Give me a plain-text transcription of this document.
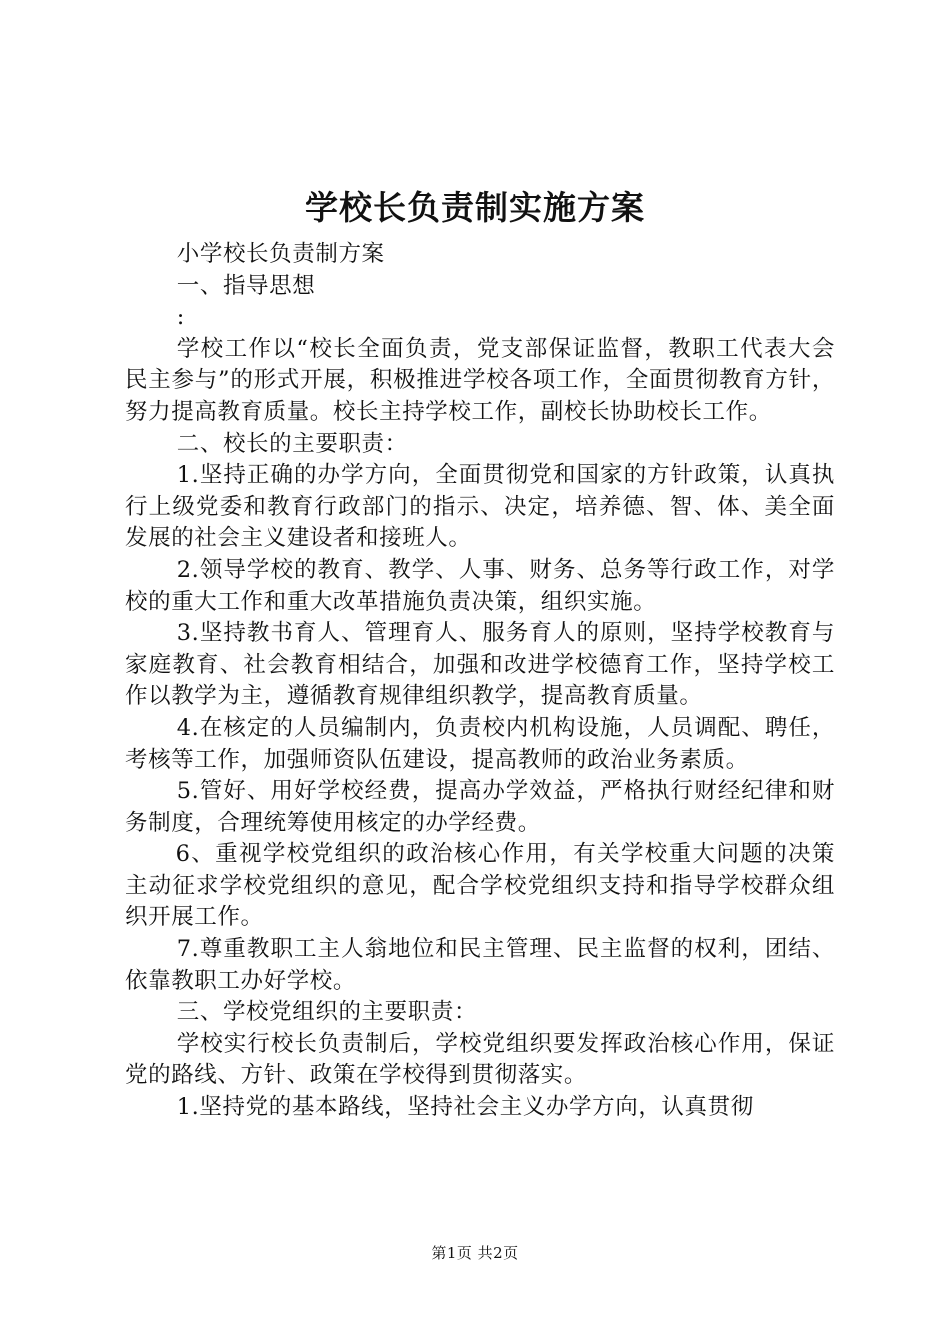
学校长负责制实施方案

小学校长负责制方案

一、指导思想

:

学校工作以“校长全面负责，党支部保证监督，教职工代表大会民主参与”的形式开展，积极推进学校各项工作，全面贯彻教育方针，努力提高教育质量。校长主持学校工作，副校长协助校长工作。

二、校长的主要职责：

1.坚持正确的办学方向，全面贯彻党和国家的方针政策，认真执行上级党委和教育行政部门的指示、决定，培养德、智、体、美全面发展的社会主义建设者和接班人。

2.领导学校的教育、教学、人事、财务、总务等行政工作，对学校的重大工作和重大改革措施负责决策，组织实施。

3.坚持教书育人、管理育人、服务育人的原则，坚持学校教育与家庭教育、社会教育相结合，加强和改进学校德育工作，坚持学校工作以教学为主，遵循教育规律组织教学，提高教育质量。

4.在核定的人员编制内，负责校内机构设施，人员调配、聘任，考核等工作，加强师资队伍建设，提高教师的政治业务素质。

5.管好、用好学校经费，提高办学效益，严格执行财经纪律和财务制度，合理统筹使用核定的办学经费。

6、重视学校党组织的政治核心作用，有关学校重大问题的决策主动征求学校党组织的意见，配合学校党组织支持和指导学校群众组织开展工作。

7.尊重教职工主人翁地位和民主管理、民主监督的权利，团结、依靠教职工办好学校。

三、学校党组织的主要职责：

学校实行校长负责制后，学校党组织要发挥政治核心作用，保证党的路线、方针、政策在学校得到贯彻落实。

1.坚持党的基本路线，坚持社会主义办学方向，认真贯彻

第1页 共2页
